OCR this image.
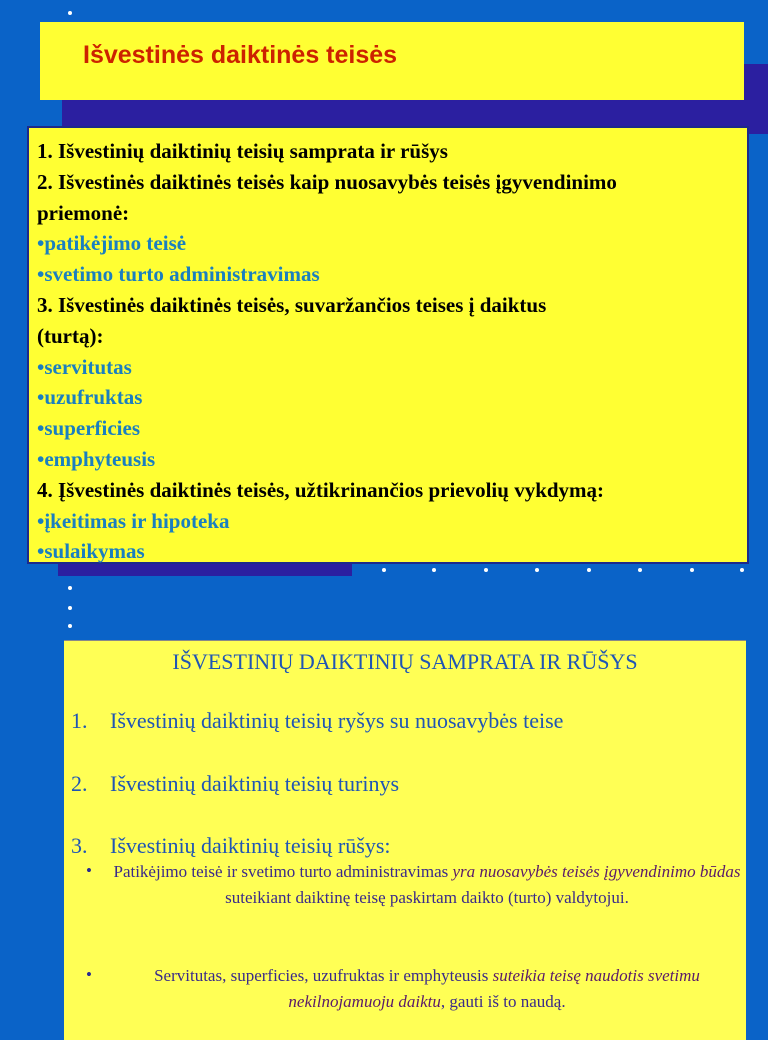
Išvestinės daiktinės teisės
1. Išvestinių daiktinių teisių samprata ir rūšys
2. Išvestinės daiktinės teisės kaip nuosavybės teisės įgyvendinimo
priemonė:
•patikėjimo teisė
•svetimo turto administravimas
3. Išvestinės daiktinės teisės, suvaržančios teises į daiktus
(turtą):
•servitutas
•uzufruktas
•superficies
•emphyteusis
4. Įšvestinės daiktinės teisės, užtikrinančios prievolių vykdymą:
•įkeitimas ir hipoteka
•sulaikymas
IŠVESTINIŲ DAIKTINIŲ SAMPRATA IR RŪŠYS
1. Išvestinių daiktinių teisių ryšys su nuosavybės teise
2. Išvestinių daiktinių teisių turinys
3. Išvestinių daiktinių teisių rūšys:
• Patikėjimo teisė ir svetimo turto administravimas yra nuosavybės teisės įgyvendinimo būdas suteikiant daiktinę teisę paskirtam daikto (turto) valdytojui.
•	Servitutas, superficies, uzufruktas ir emphyteusis suteikia teisę naudotis svetimu nekilnojamuoju daiktu, gauti iš to naudą.
